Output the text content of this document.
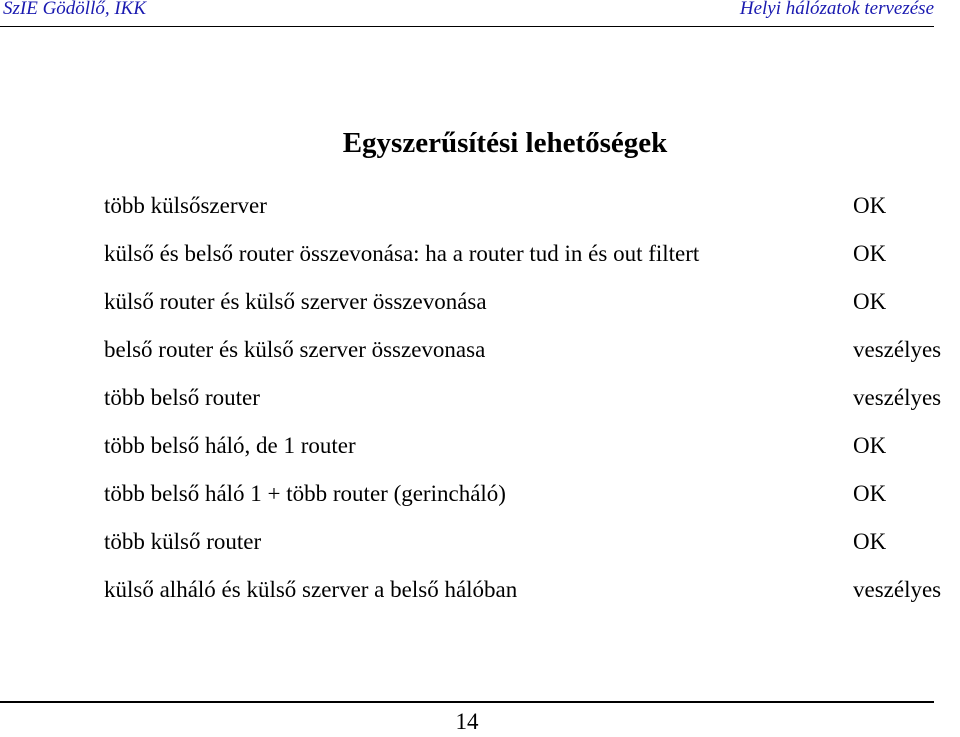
SzIE Gödöllő, IKK	Helyi hálózatok tervezése
Egyszerűsítési lehetőségek
több külsőszerver	OK
külső és belső router összevonása: ha a router tud in és out filtert	OK
külső router és külső szerver összevonása	OK
belső router és külső szerver összevonasa	veszélyes
több belső router	veszélyes
több belső háló, de 1 router	OK
több belső háló 1 + több router (gerincháló)	OK
több külső router	OK
külső alháló és külső szerver a belső hálóban	veszélyes
14
